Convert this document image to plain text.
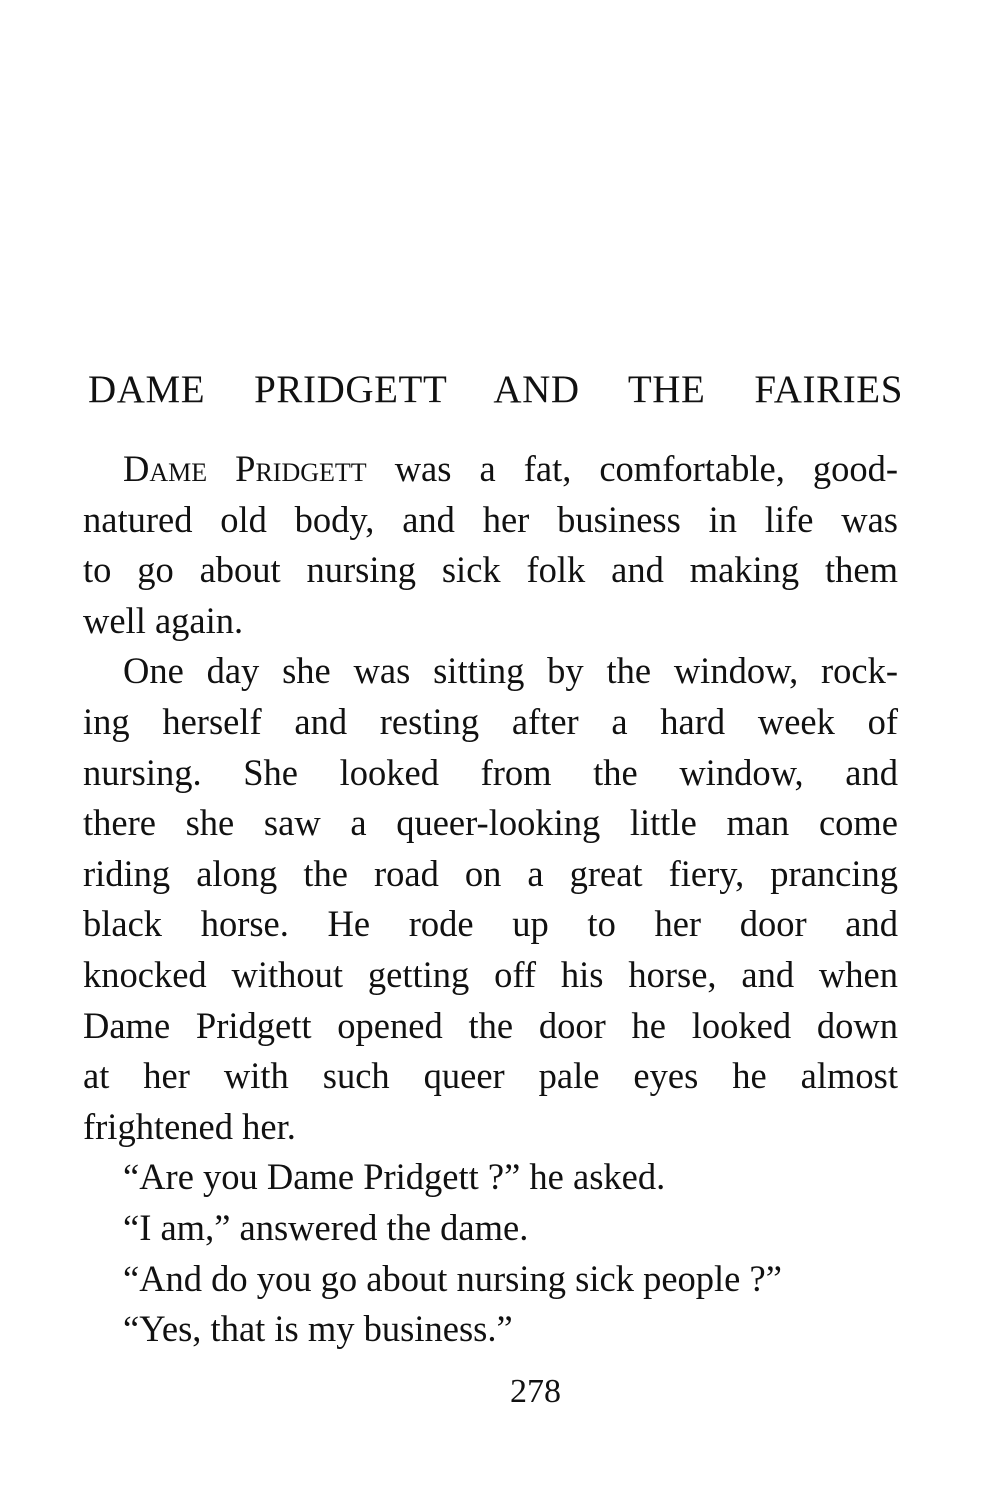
DAME PRIDGETT AND THE FAIRIES
Dame Pridgett was a fat, comfortable, good-
natured old body, and her business in life was
to go about nursing sick folk and making them
well again.
One day she was sitting by the window, rock-
ing herself and resting after a hard week of
nursing. She looked from the window, and
there she saw a queer-looking little man come
riding along the road on a great fiery, prancing
black horse. He rode up to her door and
knocked without getting off his horse, and when
Dame Pridgett opened the door he looked down
at her with such queer pale eyes he almost
frightened her.
“Are you Dame Pridgett ?” he asked.
“I am,” answered the dame.
“And do you go about nursing sick people ?”
“Yes, that is my business.”
278
